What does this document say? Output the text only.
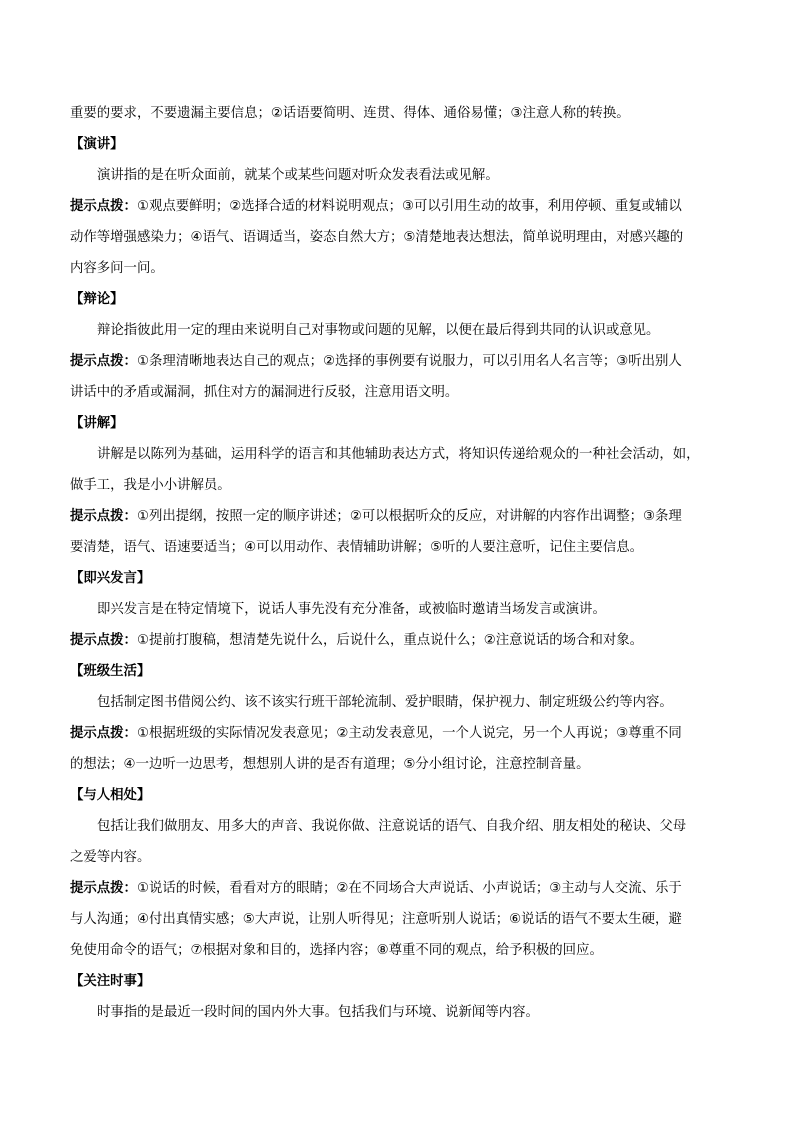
重要的要求，不要遗漏主要信息；②话语要简明、连贯、得体、通俗易懂；③注意人称的转换。
【演讲】
演讲指的是在听众面前，就某个或某些问题对听众发表看法或见解。
提示点拨：①观点要鲜明；②选择合适的材料说明观点；③可以引用生动的故事，利用停顿、重复或辅以
动作等增强感染力；④语气、语调适当，姿态自然大方；⑤清楚地表达想法，简单说明理由，对感兴趣的
内容多问一问。
【辩论】
辩论指彼此用一定的理由来说明自己对事物或问题的见解，以便在最后得到共同的认识或意见。
提示点拨：①条理清晰地表达自己的观点；②选择的事例要有说服力，可以引用名人名言等；③听出别人
讲话中的矛盾或漏洞，抓住对方的漏洞进行反驳，注意用语文明。
【讲解】
讲解是以陈列为基础，运用科学的语言和其他辅助表达方式，将知识传递给观众的一种社会活动，如，
做手工，我是小小讲解员。
提示点拨：①列出提纲，按照一定的顺序讲述；②可以根据听众的反应，对讲解的内容作出调整；③条理
要清楚，语气、语速要适当；④可以用动作、表情辅助讲解；⑤听的人要注意听，记住主要信息。
【即兴发言】
即兴发言是在特定情境下，说话人事先没有充分准备，或被临时邀请当场发言或演讲。
提示点拨：①提前打腹稿，想清楚先说什么，后说什么，重点说什么；②注意说话的场合和对象。
【班级生活】
包括制定图书借阅公约、该不该实行班干部轮流制、爱护眼睛，保护视力、制定班级公约等内容。
提示点拨：①根据班级的实际情况发表意见；②主动发表意见，一个人说完，另一个人再说；③尊重不同
的想法；④一边听一边思考，想想别人讲的是否有道理；⑤分小组讨论，注意控制音量。
【与人相处】
包括让我们做朋友、用多大的声音、我说你做、注意说话的语气、自我介绍、朋友相处的秘诀、父母
之爱等内容。
提示点拨：①说话的时候，看看对方的眼睛；②在不同场合大声说话、小声说话；③主动与人交流、乐于
与人沟通；④付出真情实感；⑤大声说，让别人听得见；注意听别人说话；⑥说话的语气不要太生硬，避
免使用命令的语气；⑦根据对象和目的，选择内容；⑧尊重不同的观点，给予积极的回应。
【关注时事】
时事指的是最近一段时间的国内外大事。包括我们与环境、说新闻等内容。
